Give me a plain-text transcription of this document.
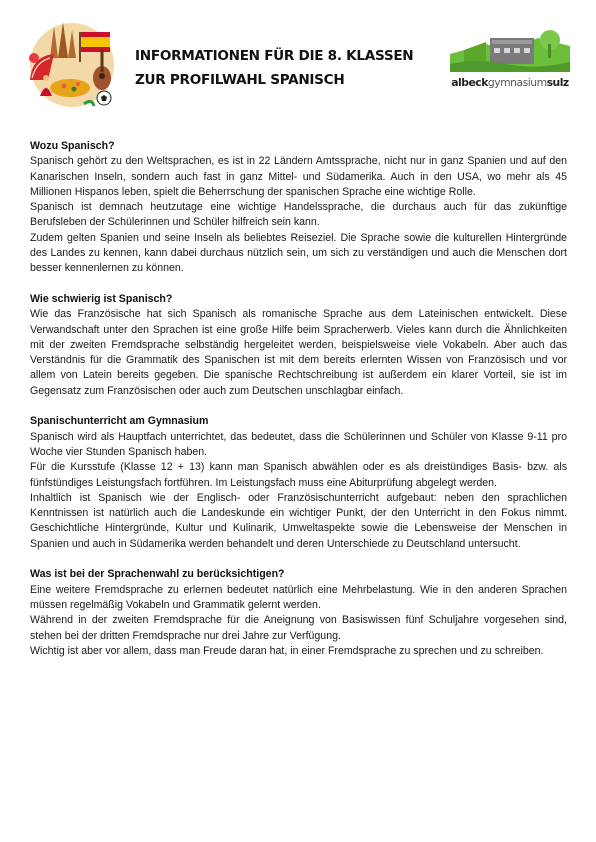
INFORMATIONEN FÜR DIE 8. KLASSEN
ZUR PROFILWAHL SPANISCH	albeckgymnasiumsulz
Wozu Spanisch?

Spanisch gehört zu den Weltsprachen, es ist in 22 Ländern Amtssprache, nicht nur in ganz Spanien und auf den Kanarischen Inseln, sondern auch fast in ganz Mittel- und Südamerika. Auch in den USA, wo mehr als 45 Millionen Hispanos leben, spielt die Beherrschung der spanischen Sprache eine wichtige Rolle.

Spanisch ist demnach heutzutage eine wichtige Handelssprache, die durchaus auch für das zukünftige Berufsleben der Schülerinnen und Schüler hilfreich sein kann.

Zudem gelten Spanien und seine Inseln als beliebtes Reiseziel. Die Sprache sowie die kulturellen Hintergründe des Landes zu kennen, kann dabei durchaus nützlich sein, um sich zu verständigen und auch die Menschen dort besser kennenlernen zu können.

Wie schwierig ist Spanisch?

Wie das Französische hat sich Spanisch als romanische Sprache aus dem Lateinischen entwickelt. Diese Verwandschaft unter den Sprachen ist eine große Hilfe beim Spracherwerb. Vieles kann durch die Ähnlichkeiten mit der zweiten Fremdsprache selbständig hergeleitet werden, beispielsweise viele Vokabeln. Aber auch das Verständnis für die Grammatik des Spanischen ist mit dem bereits erlernten Wissen von Französisch und vor allem von Latein bereits gegeben. Die spanische Rechtschreibung ist außerdem ein klarer Vorteil, sie ist im Gegensatz zum Französischen oder auch zum Deutschen unschlagbar einfach.

Spanischunterricht am Gymnasium

Spanisch wird als Hauptfach unterrichtet, das bedeutet, dass die Schülerinnen und Schüler von Klasse 9-11 pro Woche vier Stunden Spanisch haben.

Für die Kursstufe (Klasse 12 + 13) kann man Spanisch abwählen oder es als dreistündiges Basis- bzw. als fünfstündiges Leistungsfach fortführen. Im Leistungsfach muss eine Abiturprüfung abgelegt werden.

Inhaltlich ist Spanisch wie der Englisch- oder Französischunterricht aufgebaut: neben den sprachlichen Kenntnissen ist natürlich auch die Landeskunde ein wichtiger Punkt, der den Unterricht in den Fokus nimmt. Geschichtliche Hintergründe, Kultur und Kulinarik, Umweltaspekte sowie die Lebensweise der Menschen in Spanien und auch in Südamerika werden behandelt und deren Unterschiede zu Deutschland untersucht.

Was ist bei der Sprachenwahl zu berücksichtigen?

Eine weitere Fremdsprache zu erlernen bedeutet natürlich eine Mehrbelastung. Wie in den anderen Sprachen müssen regelmäßig Vokabeln und Grammatik gelernt werden.

Während in der zweiten Fremdsprache für die Aneignung von Basiswissen fünf Schuljahre vorgesehen sind, stehen bei der dritten Fremdsprache nur drei Jahre zur Verfügung.

Wichtig ist aber vor allem, dass man Freude daran hat, in einer Fremdsprache zu sprechen und zu schreiben.
